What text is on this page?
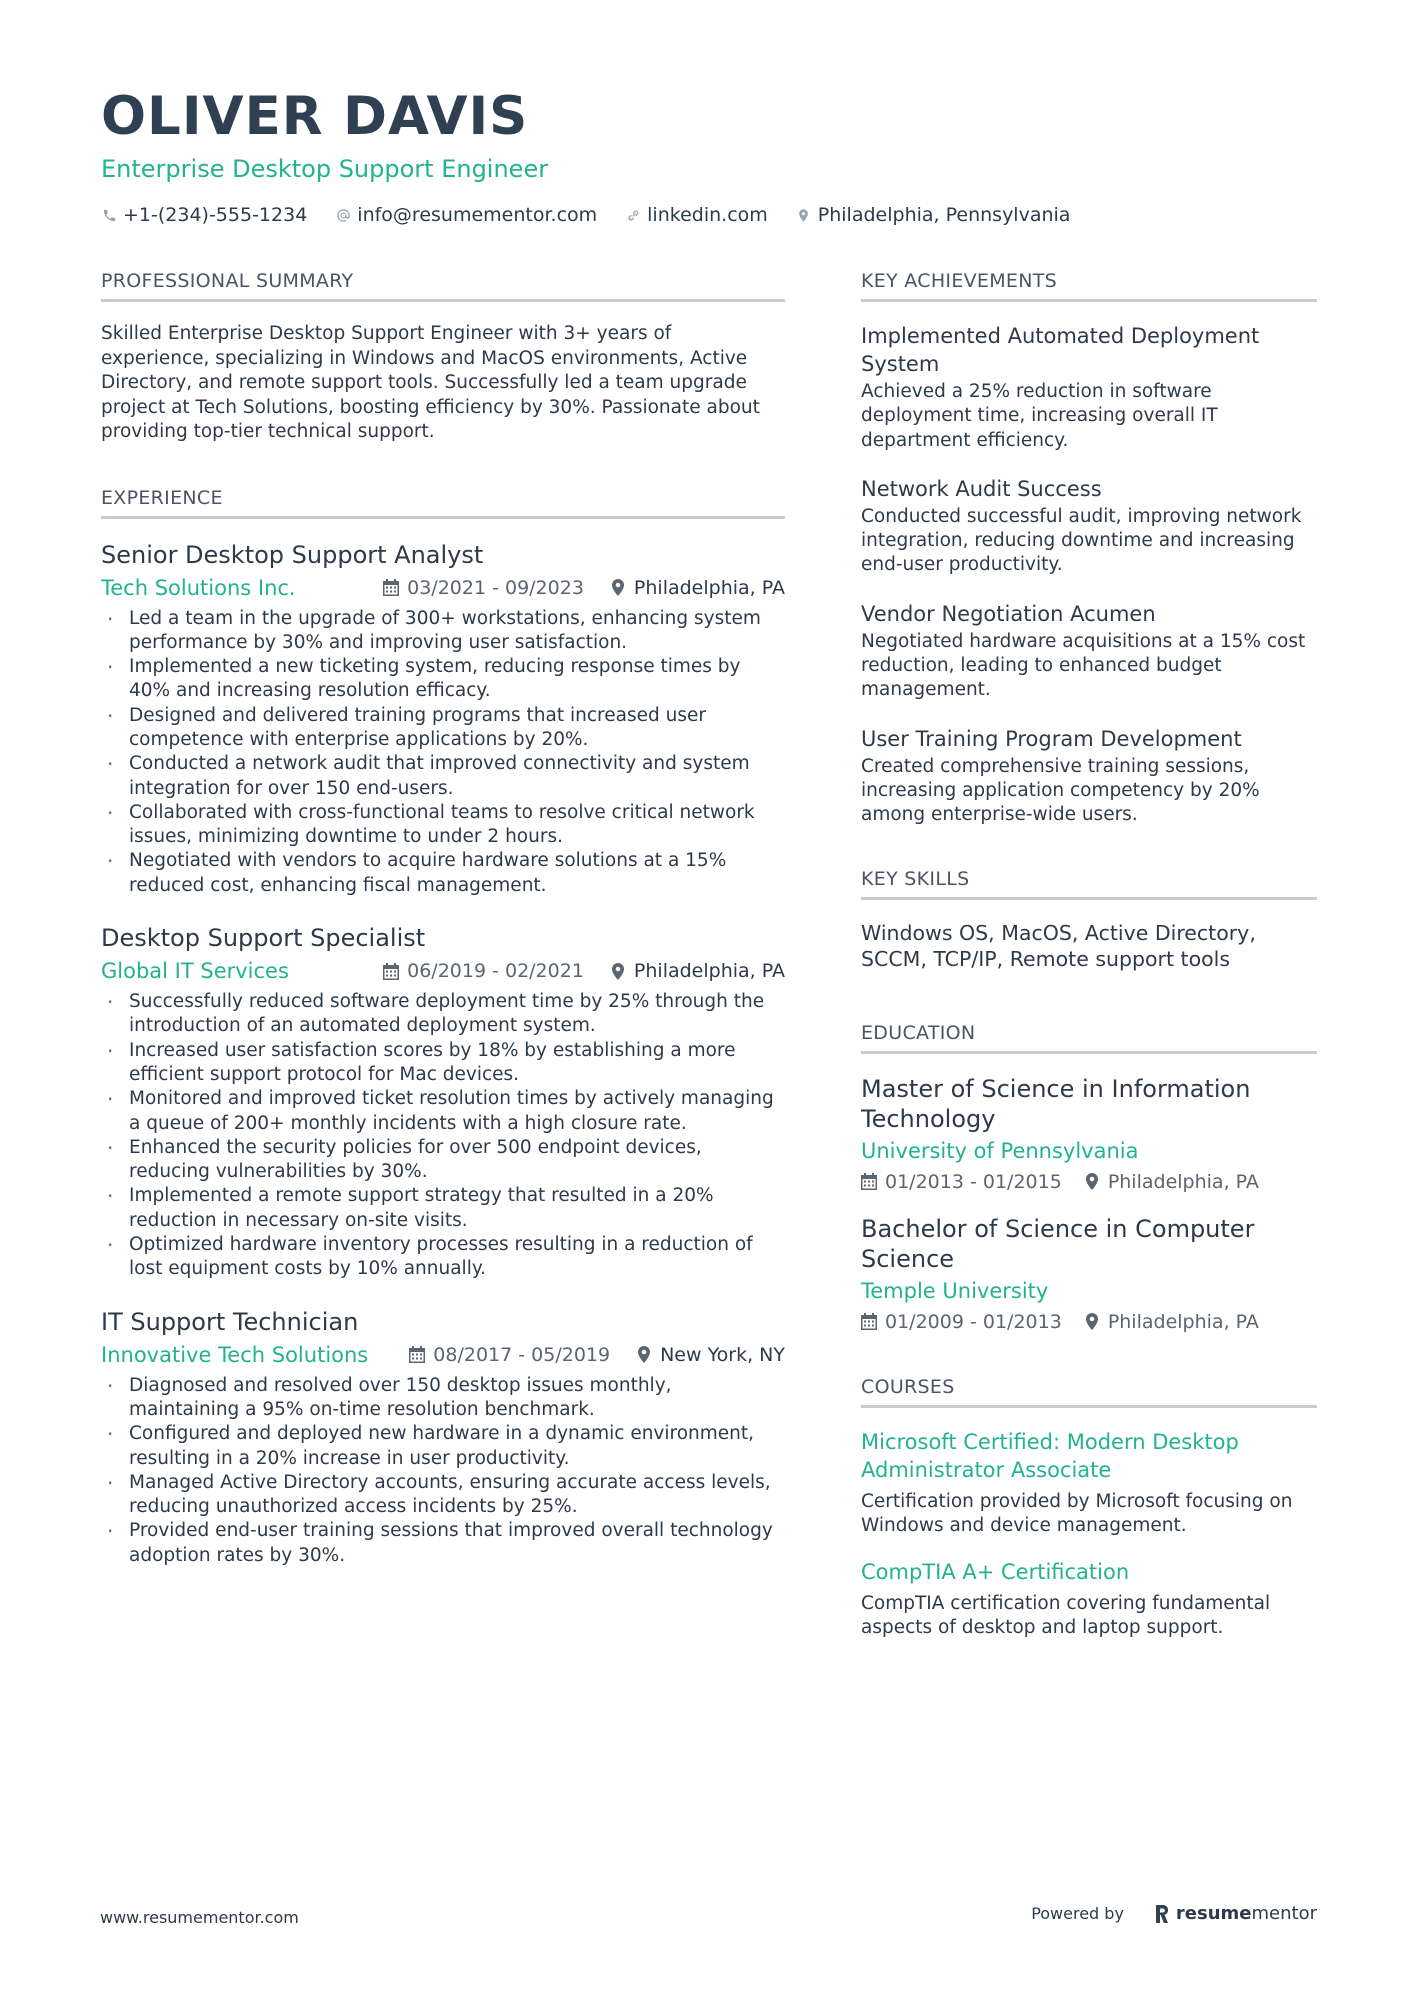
OLIVER DAVIS
Enterprise Desktop Support Engineer
+1-(234)-555-1234	info@resumementor.com	linkedin.com	Philadelphia, Pennsylvania
PROFESSIONAL SUMMARY

Skilled Enterprise Desktop Support Engineer with 3+ years of experience, specializing in Windows and MacOS environments, Active Directory, and remote support tools. Successfully led a team upgrade project at Tech Solutions, boosting efficiency by 30%. Passionate about providing top-tier technical support.

EXPERIENCE
Senior Desktop Support Analyst
Tech Solutions Inc.	03/2021 - 09/2023	Philadelphia, PA
· Led a team in the upgrade of 300+ workstations, enhancing system performance by 30% and improving user satisfaction.
· Implemented a new ticketing system, reducing response times by 40% and increasing resolution efficacy.
· Designed and delivered training programs that increased user competence with enterprise applications by 20%.
· Conducted a network audit that improved connectivity and system integration for over 150 end-users.
· Collaborated with cross-functional teams to resolve critical network issues, minimizing downtime to under 2 hours.
· Negotiated with vendors to acquire hardware solutions at a 15% reduced cost, enhancing fiscal management.
Desktop Support Specialist
Global IT Services	06/2019 - 02/2021	Philadelphia, PA
· Successfully reduced software deployment time by 25% through the introduction of an automated deployment system.
· Increased user satisfaction scores by 18% by establishing a more efficient support protocol for Mac devices.
· Monitored and improved ticket resolution times by actively managing a queue of 200+ monthly incidents with a high closure rate.
· Enhanced the security policies for over 500 endpoint devices, reducing vulnerabilities by 30%.
· Implemented a remote support strategy that resulted in a 20% reduction in necessary on-site visits.
· Optimized hardware inventory processes resulting in a reduction of lost equipment costs by 10% annually.
IT Support Technician
Innovative Tech Solutions	08/2017 - 05/2019	New York, NY
· Diagnosed and resolved over 150 desktop issues monthly, maintaining a 95% on-time resolution benchmark.
· Configured and deployed new hardware in a dynamic environment, resulting in a 20% increase in user productivity.
· Managed Active Directory accounts, ensuring accurate access levels, reducing unauthorized access incidents by 25%.
· Provided end-user training sessions that improved overall technology adoption rates by 30%.
KEY ACHIEVEMENTS
Implemented Automated Deployment System
Achieved a 25% reduction in software deployment time, increasing overall IT department efficiency.
Network Audit Success
Conducted successful audit, improving network integration, reducing downtime and increasing end-user productivity.
Vendor Negotiation Acumen
Negotiated hardware acquisitions at a 15% cost reduction, leading to enhanced budget management.
User Training Program Development
Created comprehensive training sessions, increasing application competency by 20% among enterprise-wide users.
KEY SKILLS

Windows OS, MacOS, Active Directory, SCCM, TCP/IP, Remote support tools

EDUCATION
Master of Science in Information Technology
University of Pennsylvania
01/2013 - 01/2015 Philadelphia, PA
Bachelor of Science in Computer Science
Temple University
01/2009 - 01/2013 Philadelphia, PA
COURSES
Microsoft Certified: Modern Desktop Administrator Associate
Certification provided by Microsoft focusing on Windows and device management.
CompTIA A+ Certification
CompTIA certification covering fundamental aspects of desktop and laptop support.
www.resumementor.com	Powered by	resume mentor
